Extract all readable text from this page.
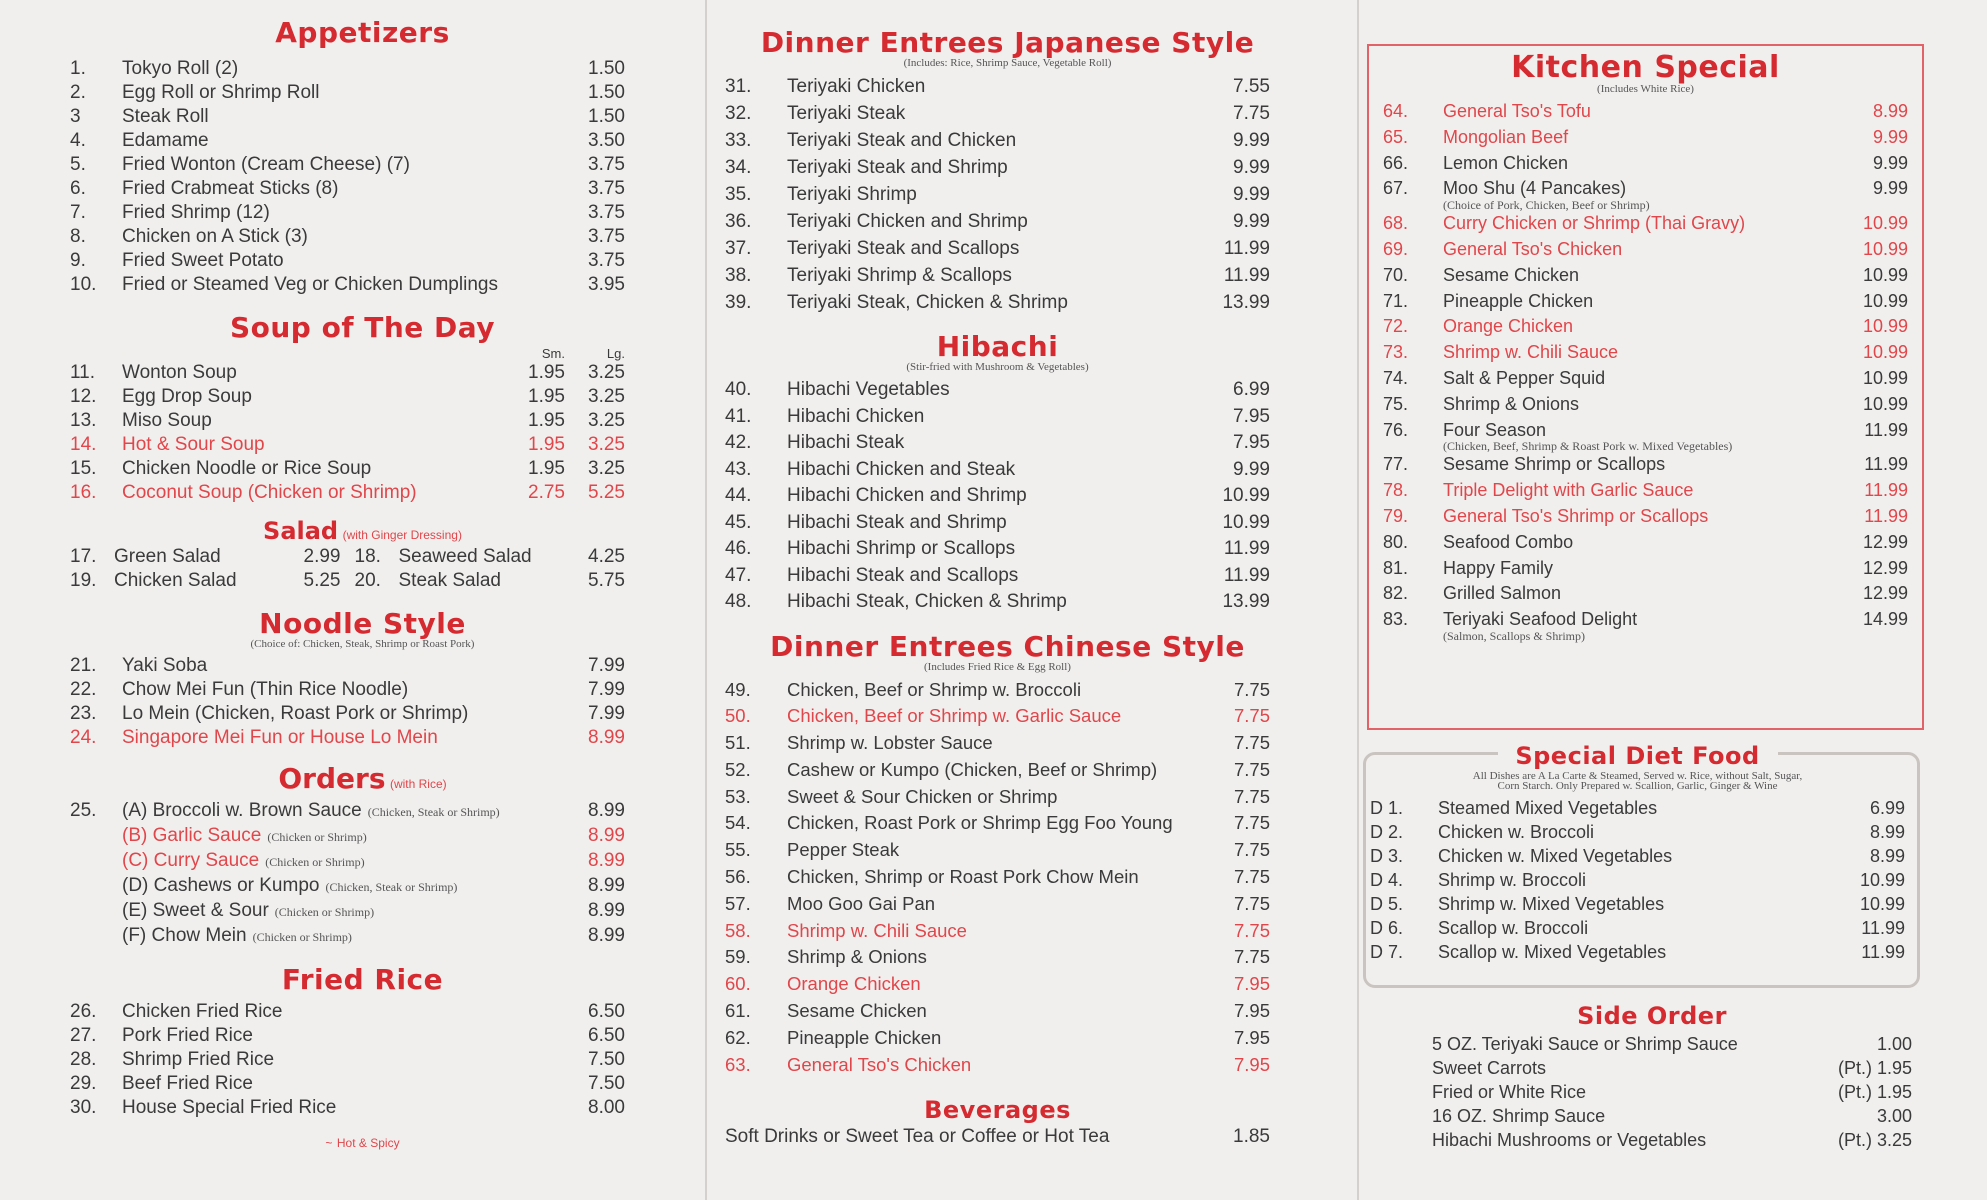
Appetizers
1.	Tokyo Roll (2)	1.50
2.	Egg Roll or Shrimp Roll	1.50
3	Steak Roll	1.50
4.	Edamame	3.50
5.	Fried Wonton (Cream Cheese) (7)	3.75
6.	Fried Crabmeat Sticks (8)	3.75
7.	Fried Shrimp (12)	3.75
8.	Chicken on A Stick (3)	3.75
9.	Fried Sweet Potato	3.75
10.	Fried or Steamed Veg or Chicken Dumplings	3.95
Soup of The Day
Sm.	Lg.
11.	Wonton Soup	1.95	3.25
12.	Egg Drop Soup	1.95	3.25
13.	Miso Soup	1.95	3.25
14.	Hot & Sour Soup	1.95	3.25
15.	Chicken Noodle or Rice Soup	1.95	3.25
16.	Coconut Soup (Chicken or Shrimp)	2.75	5.25
Salad (with Ginger Dressing)
17. Green Salad	2.99 18. Seaweed Salad	4.25
19. Chicken Salad	5.25 20. Steak Salad	5.75
Noodle Style
(Choice of: Chicken, Steak, Shrimp or Roast Pork)
21.	Yaki Soba	7.99
22.	Chow Mei Fun (Thin Rice Noodle)	7.99
23.	Lo Mein (Chicken, Roast Pork or Shrimp)	7.99
24.	Singapore Mei Fun or House Lo Mein	8.99
Orders (with Rice)
25.	(A) Broccoli w. Brown Sauce (Chicken, Steak or Shrimp)	8.99
(B) Garlic Sauce (Chicken or Shrimp)	8.99
(C) Curry Sauce (Chicken or Shrimp)	8.99
(D) Cashews or Kumpo (Chicken, Steak or Shrimp)	8.99
(E) Sweet & Sour (Chicken or Shrimp)	8.99
(F) Chow Mein (Chicken or Shrimp)	8.99
Fried Rice
26.	Chicken Fried Rice	6.50
27.	Pork Fried Rice	6.50
28.	Shrimp Fried Rice	7.50
29.	Beef Fried Rice	7.50
30.	House Special Fried Rice	8.00
~ Hot & Spicy
Dinner Entrees Japanese Style
(Includes: Rice, Shrimp Sauce, Vegetable Roll)
31.	Teriyaki Chicken	7.55
32.	Teriyaki Steak	7.75
33.	Teriyaki Steak and Chicken	9.99
34.	Teriyaki Steak and Shrimp	9.99
35.	Teriyaki Shrimp	9.99
36.	Teriyaki Chicken and Shrimp	9.99
37.	Teriyaki Steak and Scallops	11.99
38.	Teriyaki Shrimp & Scallops	11.99
39.	Teriyaki Steak, Chicken & Shrimp	13.99
Hibachi
(Stir-fried with Mushroom & Vegetables)
40.	Hibachi Vegetables	6.99
41.	Hibachi Chicken	7.95
42.	Hibachi Steak	7.95
43.	Hibachi Chicken and Steak	9.99
44.	Hibachi Chicken and Shrimp	10.99
45.	Hibachi Steak and Shrimp	10.99
46.	Hibachi Shrimp or Scallops	11.99
47.	Hibachi Steak and Scallops	11.99
48.	Hibachi Steak, Chicken & Shrimp	13.99
Dinner Entrees Chinese Style
(Includes Fried Rice & Egg Roll)
49.	Chicken, Beef or Shrimp w. Broccoli	7.75
50.	Chicken, Beef or Shrimp w. Garlic Sauce	7.75
51.	Shrimp w. Lobster Sauce	7.75
52.	Cashew or Kumpo (Chicken, Beef or Shrimp)	7.75
53.	Sweet & Sour Chicken or Shrimp	7.75
54.	Chicken, Roast Pork or Shrimp Egg Foo Young	7.75
55.	Pepper Steak	7.75
56.	Chicken, Shrimp or Roast Pork Chow Mein	7.75
57.	Moo Goo Gai Pan	7.75
58.	Shrimp w. Chili Sauce	7.75
59.	Shrimp & Onions	7.75
60.	Orange Chicken	7.95
61.	Sesame Chicken	7.95
62.	Pineapple Chicken	7.95
63.	General Tso's Chicken	7.95
Beverages
Soft Drinks or Sweet Tea or Coffee or Hot Tea	1.85
Kitchen Special
(Includes White Rice)
64.	General Tso's Tofu	8.99
65.	Mongolian Beef	9.99
66.	Lemon Chicken	9.99
67.	Moo Shu (4 Pancakes)	9.99
(Choice of Pork, Chicken, Beef or Shrimp)
68.	Curry Chicken or Shrimp (Thai Gravy)	10.99
69.	General Tso's Chicken	10.99
70.	Sesame Chicken	10.99
71.	Pineapple Chicken	10.99
72.	Orange Chicken	10.99
73.	Shrimp w. Chili Sauce	10.99
74.	Salt & Pepper Squid	10.99
75.	Shrimp & Onions	10.99
76.	Four Season	11.99
(Chicken, Beef, Shrimp & Roast Pork w. Mixed Vegetables)
77.	Sesame Shrimp or Scallops	11.99
78.	Triple Delight with Garlic Sauce	11.99
79.	General Tso's Shrimp or Scallops	11.99
80.	Seafood Combo	12.99
81.	Happy Family	12.99
82.	Grilled Salmon	12.99
83.	Teriyaki Seafood Delight	14.99
(Salmon, Scallops & Shrimp)
Special Diet Food
All Dishes are A La Carte & Steamed, Served w. Rice, without Salt, Sugar,
Corn Starch. Only Prepared w. Scallion, Garlic, Ginger & Wine
D 1.	Steamed Mixed Vegetables	6.99
D 2.	Chicken w. Broccoli	8.99
D 3.	Chicken w. Mixed Vegetables	8.99
D 4.	Shrimp w. Broccoli	10.99
D 5.	Shrimp w. Mixed Vegetables	10.99
D 6.	Scallop w. Broccoli	11.99
D 7.	Scallop w. Mixed Vegetables	11.99
Side Order
5 OZ. Teriyaki Sauce or Shrimp Sauce	1.00
Sweet Carrots	(Pt.) 1.95
Fried or White Rice	(Pt.) 1.95
16 OZ. Shrimp Sauce	3.00
Hibachi Mushrooms or Vegetables	(Pt.) 3.25
